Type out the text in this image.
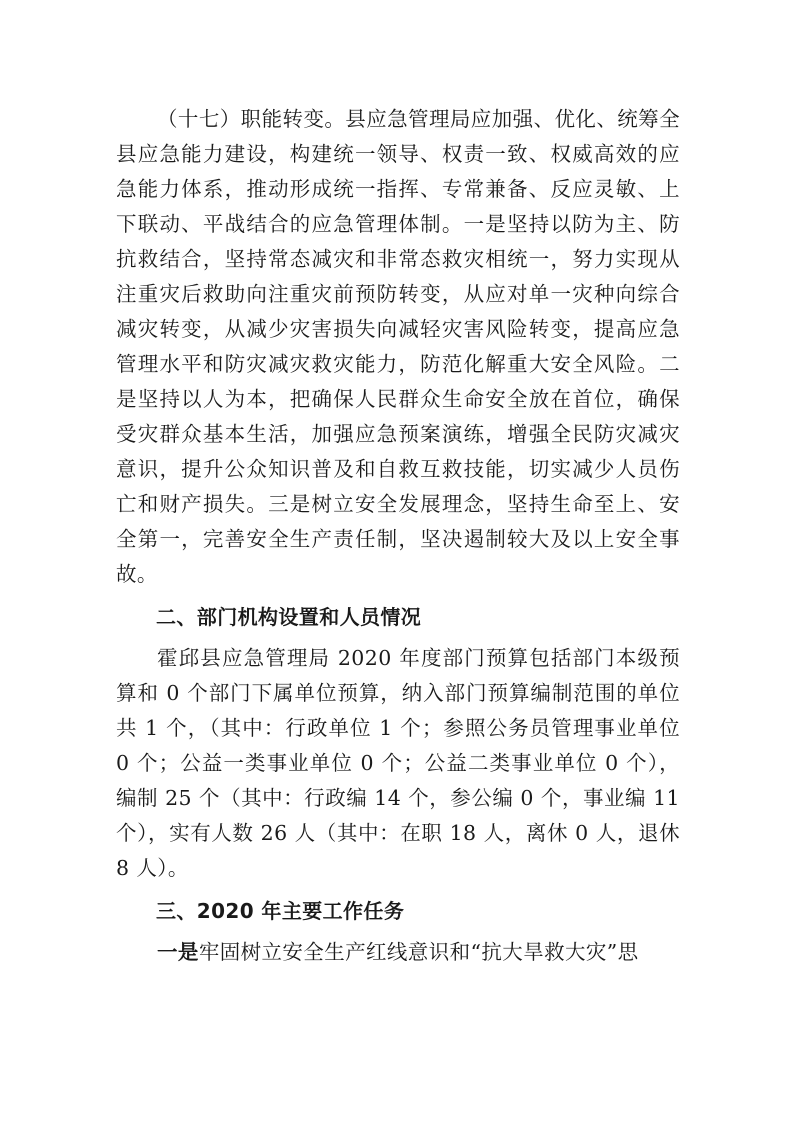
（十七）职能转变。县应急管理局应加强、优化、统筹全县应急能力建设，构建统一领导、权责一致、权威高效的应急能力体系，推动形成统一指挥、专常兼备、反应灵敏、上下联动、平战结合的应急管理体制。一是坚持以防为主、防抗救结合，坚持常态减灾和非常态救灾相统一，努力实现从注重灾后救助向注重灾前预防转变，从应对单一灾种向综合减灾转变，从减少灾害损失向减轻灾害风险转变，提高应急管理水平和防灾减灾救灾能力，防范化解重大安全风险。二是坚持以人为本，把确保人民群众生命安全放在首位，确保受灾群众基本生活，加强应急预案演练，增强全民防灾减灾意识，提升公众知识普及和自救互救技能，切实减少人员伤亡和财产损失。三是树立安全发展理念，坚持生命至上、安全第一，完善安全生产责任制，坚决遏制较大及以上安全事故。

二、部门机构设置和人员情况

霍邱县应急管理局 2020 年度部门预算包括部门本级预算和 0 个部门下属单位预算，纳入部门预算编制范围的单位共 1 个，（其中：行政单位 1 个；参照公务员管理事业单位 0 个；公益一类事业单位 0 个；公益二类事业单位 0 个），编制 25 个（其中：行政编 14 个，参公编 0 个，事业编 11 个），实有人数 26 人（其中：在职 18 人，离休 0 人，退休 8 人）。

三、2020 年主要工作任务

一是牢固树立安全生产红线意识和“抗大旱救大灾”思
